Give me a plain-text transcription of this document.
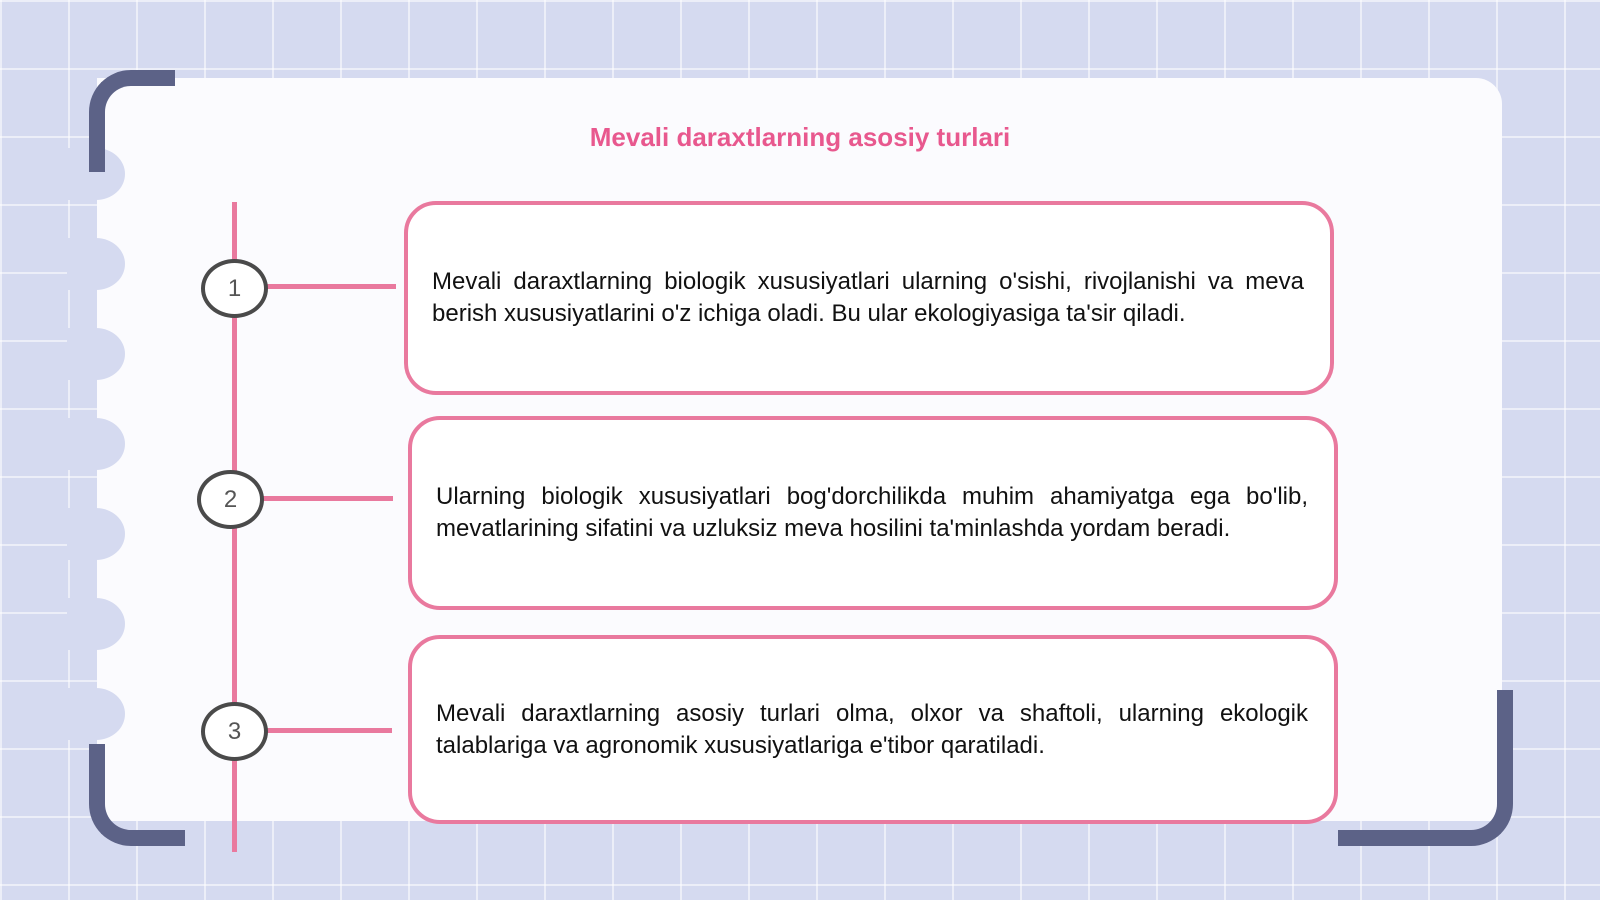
Mevali daraxtlarning asosiy turlari
1	Mevali daraxtlarning biologik xususiyatlari ularning o'sishi, rivojlanishi va meva berish xususiyatlarini o'z ichiga oladi. Bu ular ekologiyasiga ta'sir qiladi.
2	Ularning biologik xususiyatlari bog'dorchilikda muhim ahamiyatga ega bo'lib, mevatlarining sifatini va uzluksiz meva hosilini ta'minlashda yordam beradi.
3
Mevali daraxtlarning asosiy turlari olma, olxor va shaftoli, ularning ekologik talablariga va agronomik xususiyatlariga e'tibor qaratiladi.
